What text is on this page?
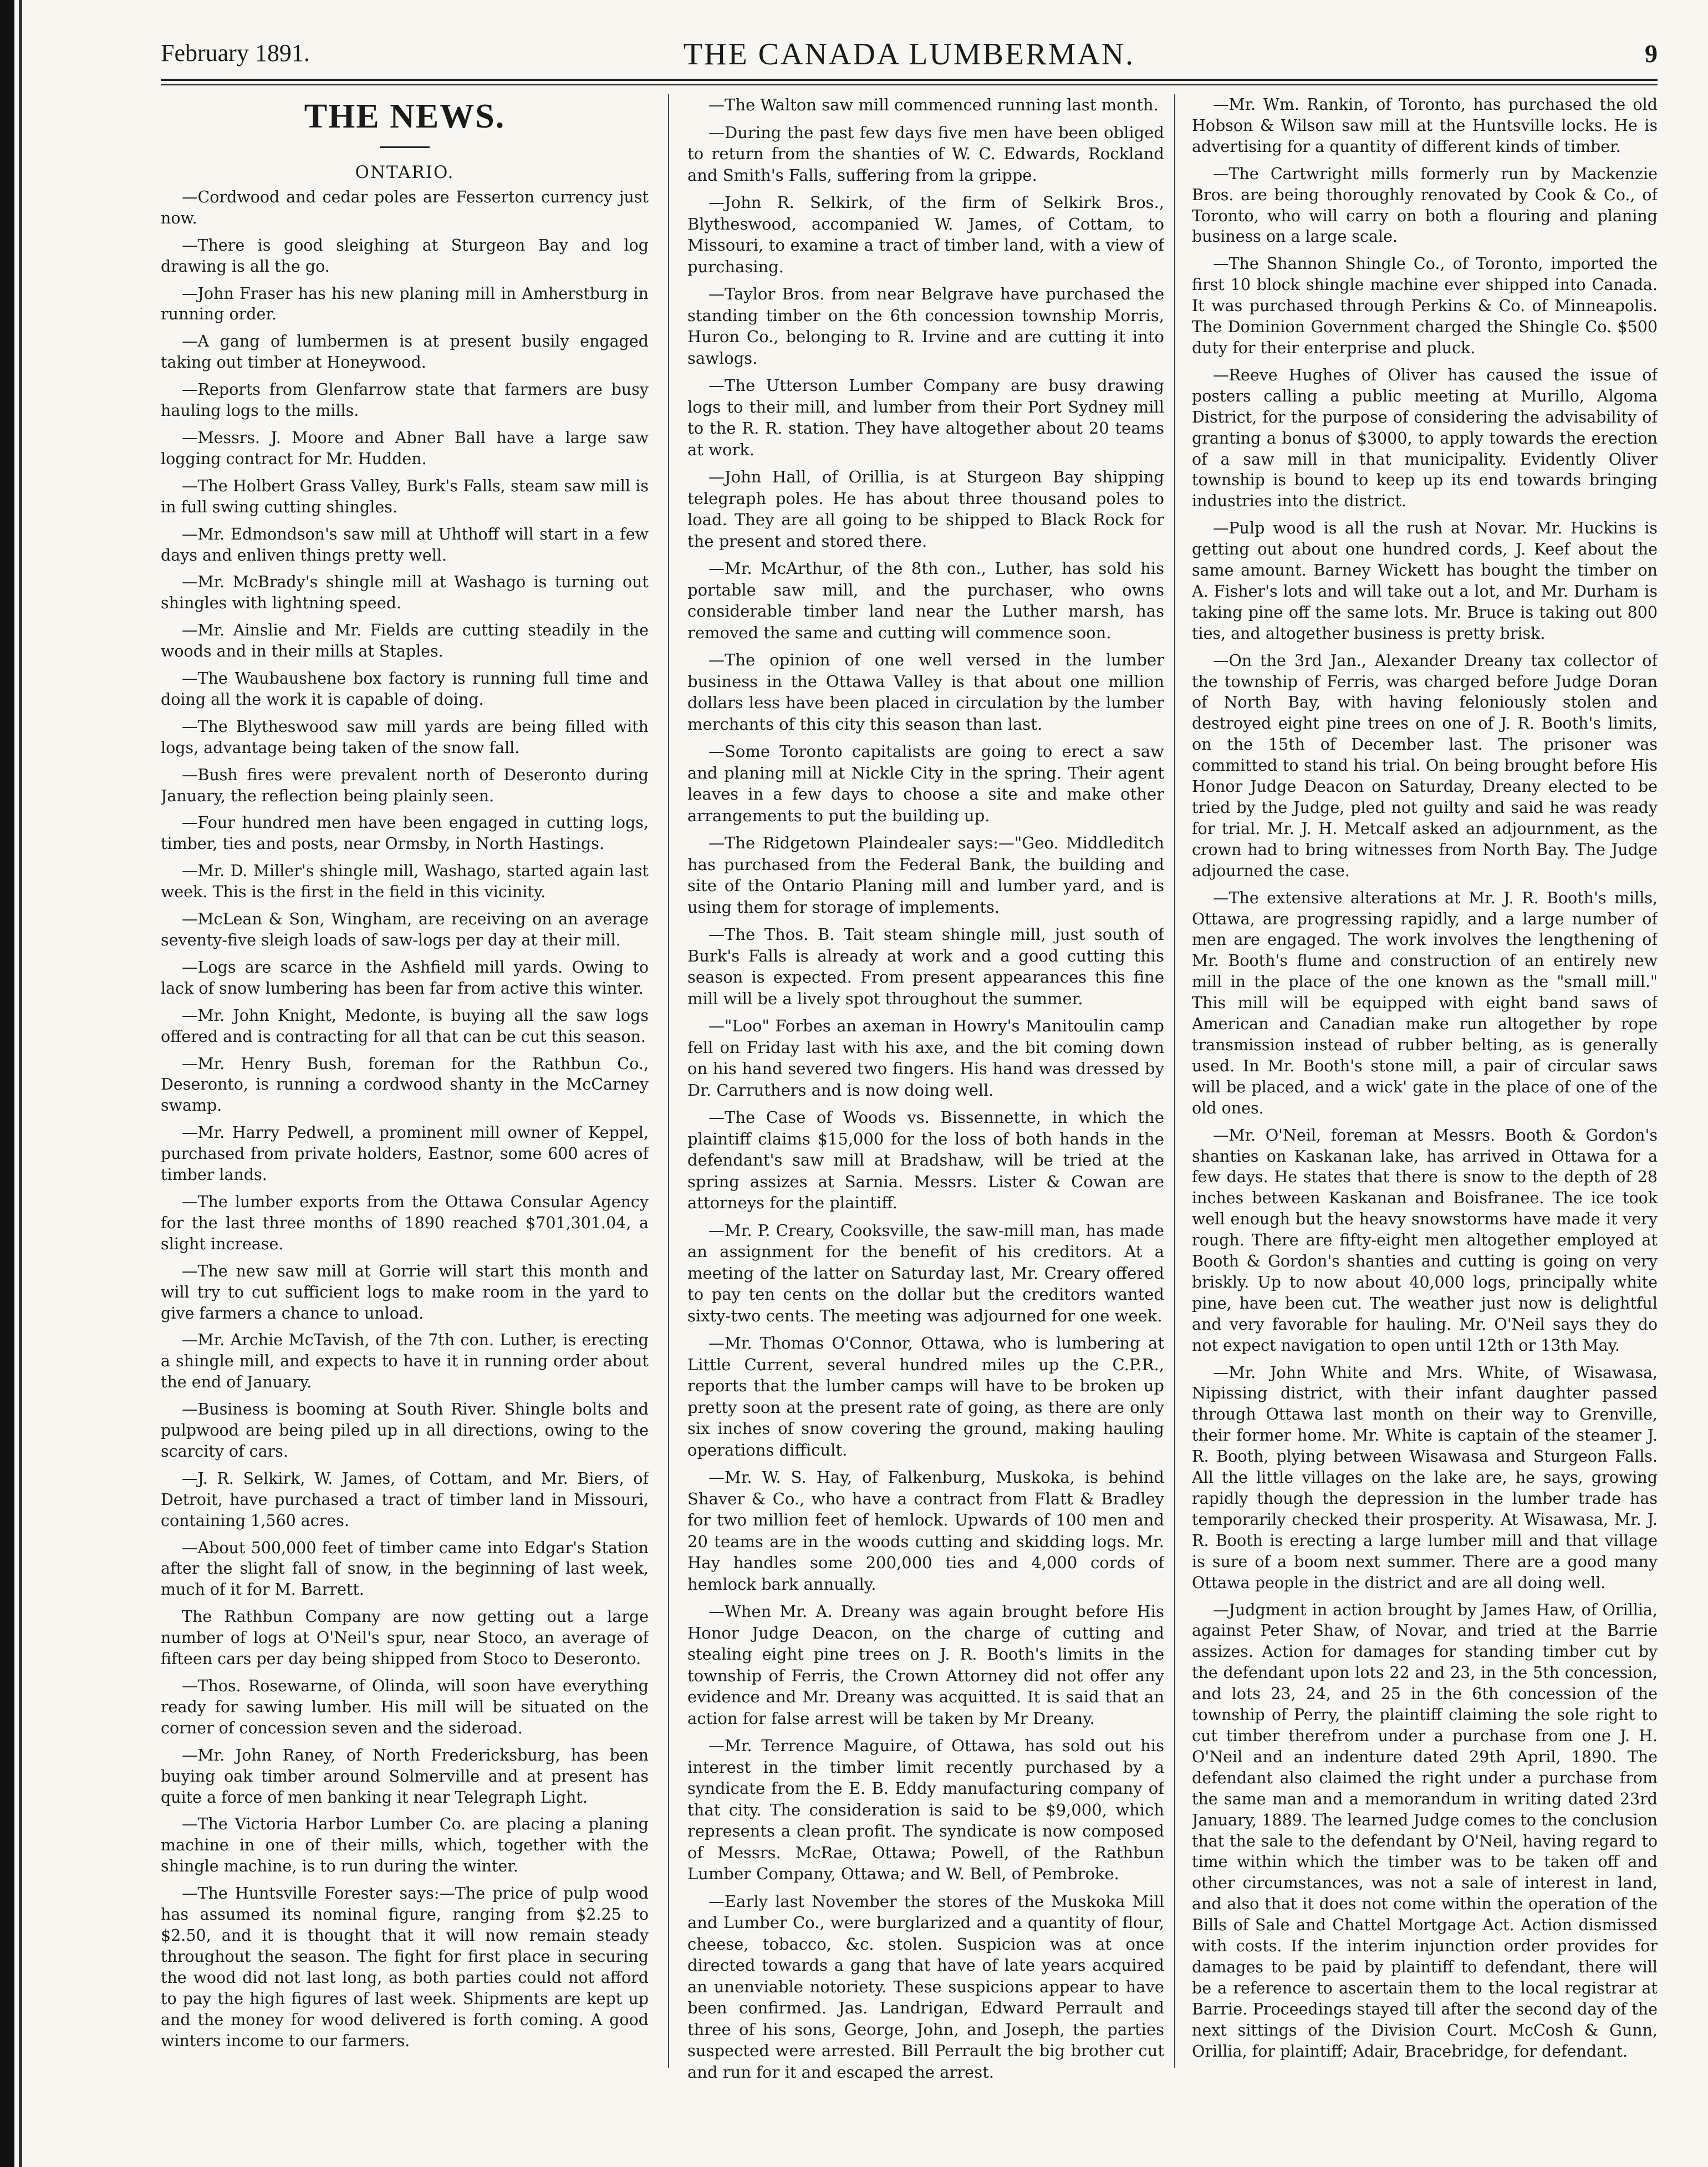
February 1891.	THE CANADA LUMBERMAN.	9
THE NEWS.
ONTARIO.

—Cordwood and cedar poles are Fesserton currency just now.

—There is good sleighing at Sturgeon Bay and log drawing is all the go.

—John Fraser has his new planing mill in Amherstburg in running order.

—A gang of lumbermen is at present busily engaged taking out timber at Honeywood.

—Reports from Glenfarrow state that farmers are busy hauling logs to the mills.

—Messrs. J. Moore and Abner Ball have a large saw logging contract for Mr. Hudden.

—The Holbert Grass Valley, Burk's Falls, steam saw mill is in full swing cutting shingles.

—Mr. Edmondson's saw mill at Uhthoff will start in a few days and enliven things pretty well.

—Mr. McBrady's shingle mill at Washago is turning out shingles with lightning speed.

—Mr. Ainslie and Mr. Fields are cutting steadily in the woods and in their mills at Staples.

—The Waubaushene box factory is running full time and doing all the work it is capable of doing.

—The Blytheswood saw mill yards are being filled with logs, advantage being taken of the snow fall.

—Bush fires were prevalent north of Deseronto during January, the reflection being plainly seen.

—Four hundred men have been engaged in cutting logs, timber, ties and posts, near Ormsby, in North Hastings.

—Mr. D. Miller's shingle mill, Washago, started again last week. This is the first in the field in this vicinity.

—McLean & Son, Wingham, are receiving on an average seventy-five sleigh loads of saw-logs per day at their mill.

—Logs are scarce in the Ashfield mill yards. Owing to lack of snow lumbering has been far from active this winter.

—Mr. John Knight, Medonte, is buying all the saw logs offered and is contracting for all that can be cut this season.

—Mr. Henry Bush, foreman for the Rathbun Co., Deseronto, is running a cordwood shanty in the McCarney swamp.

—Mr. Harry Pedwell, a prominent mill owner of Keppel, purchased from private holders, Eastnor, some 600 acres of timber lands.

—The lumber exports from the Ottawa Consular Agency for the last three months of 1890 reached $701,301.04, a slight increase.

—The new saw mill at Gorrie will start this month and will try to cut sufficient logs to make room in the yard to give farmers a chance to unload.

—Mr. Archie McTavish, of the 7th con. Luther, is erecting a shingle mill, and expects to have it in running order about the end of January.

—Business is booming at South River. Shingle bolts and pulpwood are being piled up in all directions, owing to the scarcity of cars.

—J. R. Selkirk, W. James, of Cottam, and Mr. Biers, of Detroit, have purchased a tract of timber land in Missouri, containing 1,560 acres.

—About 500,000 feet of timber came into Edgar's Station after the slight fall of snow, in the beginning of last week, much of it for M. Barrett.

The Rathbun Company are now getting out a large number of logs at O'Neil's spur, near Stoco, an average of fifteen cars per day being shipped from Stoco to Deseronto.

—Thos. Rosewarne, of Olinda, will soon have everything ready for sawing lumber. His mill will be situated on the corner of concession seven and the sideroad.

—Mr. John Raney, of North Fredericksburg, has been buying oak timber around Solmerville and at present has quite a force of men banking it near Telegraph Light.

—The Victoria Harbor Lumber Co. are placing a planing machine in one of their mills, which, together with the shingle machine, is to run during the winter.

—The Huntsville Forester says:—The price of pulp wood has assumed its nominal figure, ranging from $2.25 to $2.50, and it is thought that it will now remain steady throughout the season. The fight for first place in securing the wood did not last long, as both parties could not afford to pay the high figures of last week. Shipments are kept up and the money for wood delivered is forth coming. A good winters income to our farmers.

—The Walton saw mill commenced running last month.

—During the past few days five men have been obliged to return from the shanties of W. C. Edwards, Rockland and Smith's Falls, suffering from la grippe.

—John R. Selkirk, of the firm of Selkirk Bros., Blytheswood, accompanied W. James, of Cottam, to Missouri, to examine a tract of timber land, with a view of purchasing.

—Taylor Bros. from near Belgrave have purchased the standing timber on the 6th concession township Morris, Huron Co., belonging to R. Irvine and are cutting it into sawlogs.

—The Utterson Lumber Company are busy drawing logs to their mill, and lumber from their Port Sydney mill to the R. R. station. They have altogether about 20 teams at work.

—John Hall, of Orillia, is at Sturgeon Bay shipping telegraph poles. He has about three thousand poles to load. They are all going to be shipped to Black Rock for the present and stored there.

—Mr. McArthur, of the 8th con., Luther, has sold his portable saw mill, and the purchaser, who owns considerable timber land near the Luther marsh, has removed the same and cutting will commence soon.

—The opinion of one well versed in the lumber business in the Ottawa Valley is that about one million dollars less have been placed in circulation by the lumber merchants of this city this season than last.

—Some Toronto capitalists are going to erect a saw and planing mill at Nickle City in the spring. Their agent leaves in a few days to choose a site and make other arrangements to put the building up.

—The Ridgetown Plaindealer says:—"Geo. Middleditch has purchased from the Federal Bank, the building and site of the Ontario Planing mill and lumber yard, and is using them for storage of implements.

—The Thos. B. Tait steam shingle mill, just south of Burk's Falls is already at work and a good cutting this season is expected. From present appearances this fine mill will be a lively spot throughout the summer.

—"Loo" Forbes an axeman in Howry's Manitoulin camp fell on Friday last with his axe, and the bit coming down on his hand severed two fingers. His hand was dressed by Dr. Carruthers and is now doing well.

—The Case of Woods vs. Bissennette, in which the plaintiff claims $15,000 for the loss of both hands in the defendant's saw mill at Bradshaw, will be tried at the spring assizes at Sarnia. Messrs. Lister & Cowan are attorneys for the plaintiff.

—Mr. P. Creary, Cooksville, the saw-mill man, has made an assignment for the benefit of his creditors. At a meeting of the latter on Saturday last, Mr. Creary offered to pay ten cents on the dollar but the creditors wanted sixty-two cents. The meeting was adjourned for one week.

—Mr. Thomas O'Connor, Ottawa, who is lumbering at Little Current, several hundred miles up the C.P.R., reports that the lumber camps will have to be broken up pretty soon at the present rate of going, as there are only six inches of snow covering the ground, making hauling operations difficult.

—Mr. W. S. Hay, of Falkenburg, Muskoka, is behind Shaver & Co., who have a contract from Flatt & Bradley for two million feet of hemlock. Upwards of 100 men and 20 teams are in the woods cutting and skidding logs. Mr. Hay handles some 200,000 ties and 4,000 cords of hemlock bark annually.

—When Mr. A. Dreany was again brought before His Honor Judge Deacon, on the charge of cutting and stealing eight pine trees on J. R. Booth's limits in the township of Ferris, the Crown Attorney did not offer any evidence and Mr. Dreany was acquitted. It is said that an action for false arrest will be taken by Mr Dreany.

—Mr. Terrence Maguire, of Ottawa, has sold out his interest in the timber limit recently purchased by a syndicate from the E. B. Eddy manufacturing company of that city. The consideration is said to be $9,000, which represents a clean profit. The syndicate is now composed of Messrs. McRae, Ottawa; Powell, of the Rathbun Lumber Company, Ottawa; and W. Bell, of Pembroke.

—Early last November the stores of the Muskoka Mill and Lumber Co., were burglarized and a quantity of flour, cheese, tobacco, &c. stolen. Suspicion was at once directed towards a gang that have of late years acquired an unenviable notoriety. These suspicions appear to have been confirmed. Jas. Landrigan, Edward Perrault and three of his sons, George, John, and Joseph, the parties suspected were arrested. Bill Perrault the big brother cut and run for it and escaped the arrest.

—Mr. Wm. Rankin, of Toronto, has purchased the old Hobson & Wilson saw mill at the Huntsville locks. He is advertising for a quantity of different kinds of timber.

—The Cartwright mills formerly run by Mackenzie Bros. are being thoroughly renovated by Cook & Co., of Toronto, who will carry on both a flouring and planing business on a large scale.

—The Shannon Shingle Co., of Toronto, imported the first 10 block shingle machine ever shipped into Canada. It was purchased through Perkins & Co. of Minneapolis. The Dominion Government charged the Shingle Co. $500 duty for their enterprise and pluck.

—Reeve Hughes of Oliver has caused the issue of posters calling a public meeting at Murillo, Algoma District, for the purpose of considering the advisability of granting a bonus of $3000, to apply towards the erection of a saw mill in that municipality. Evidently Oliver township is bound to keep up its end towards bringing industries into the district.

—Pulp wood is all the rush at Novar. Mr. Huckins is getting out about one hundred cords, J. Keef about the same amount. Barney Wickett has bought the timber on A. Fisher's lots and will take out a lot, and Mr. Durham is taking pine off the same lots. Mr. Bruce is taking out 800 ties, and altogether business is pretty brisk.

—On the 3rd Jan., Alexander Dreany tax collector of the township of Ferris, was charged before Judge Doran of North Bay, with having feloniously stolen and destroyed eight pine trees on one of J. R. Booth's limits, on the 15th of December last. The prisoner was committed to stand his trial. On being brought before His Honor Judge Deacon on Saturday, Dreany elected to be tried by the Judge, pled not guilty and said he was ready for trial. Mr. J. H. Metcalf asked an adjournment, as the crown had to bring witnesses from North Bay. The Judge adjourned the case.

—The extensive alterations at Mr. J. R. Booth's mills, Ottawa, are progressing rapidly, and a large number of men are engaged. The work involves the lengthening of Mr. Booth's flume and construction of an entirely new mill in the place of the one known as the "small mill." This mill will be equipped with eight band saws of American and Canadian make run altogether by rope transmission instead of rubber belting, as is generally used. In Mr. Booth's stone mill, a pair of circular saws will be placed, and a wick' gate in the place of one of the old ones.

—Mr. O'Neil, foreman at Messrs. Booth & Gordon's shanties on Kaskanan lake, has arrived in Ottawa for a few days. He states that there is snow to the depth of 28 inches between Kaskanan and Boisfranee. The ice took well enough but the heavy snowstorms have made it very rough. There are fifty-eight men altogether employed at Booth & Gordon's shanties and cutting is going on very briskly. Up to now about 40,000 logs, principally white pine, have been cut. The weather just now is delightful and very favorable for hauling. Mr. O'Neil says they do not expect navigation to open until 12th or 13th May.

—Mr. John White and Mrs. White, of Wisawasa, Nipissing district, with their infant daughter passed through Ottawa last month on their way to Grenville, their former home. Mr. White is captain of the steamer J. R. Booth, plying between Wisawasa and Sturgeon Falls. All the little villages on the lake are, he says, growing rapidly though the depression in the lumber trade has temporarily checked their prosperity. At Wisawasa, Mr. J. R. Booth is erecting a large lumber mill and that village is sure of a boom next summer. There are a good many Ottawa people in the district and are all doing well.

—Judgment in action brought by James Haw, of Orillia, against Peter Shaw, of Novar, and tried at the Barrie assizes. Action for damages for standing timber cut by the defendant upon lots 22 and 23, in the 5th concession, and lots 23, 24, and 25 in the 6th concession of the township of Perry, the plaintiff claiming the sole right to cut timber therefrom under a purchase from one J. H. O'Neil and an indenture dated 29th April, 1890. The defendant also claimed the right under a purchase from the same man and a memorandum in writing dated 23rd January, 1889. The learned Judge comes to the conclusion that the sale to the defendant by O'Neil, having regard to time within which the timber was to be taken off and other circumstances, was not a sale of interest in land, and also that it does not come within the operation of the Bills of Sale and Chattel Mortgage Act. Action dismissed with costs. If the interim injunction order provides for damages to be paid by plaintiff to defendant, there will be a reference to ascertain them to the local registrar at Barrie. Proceedings stayed till after the second day of the next sittings of the Division Court. McCosh & Gunn, Orillia, for plaintiff; Adair, Bracebridge, for defendant.
